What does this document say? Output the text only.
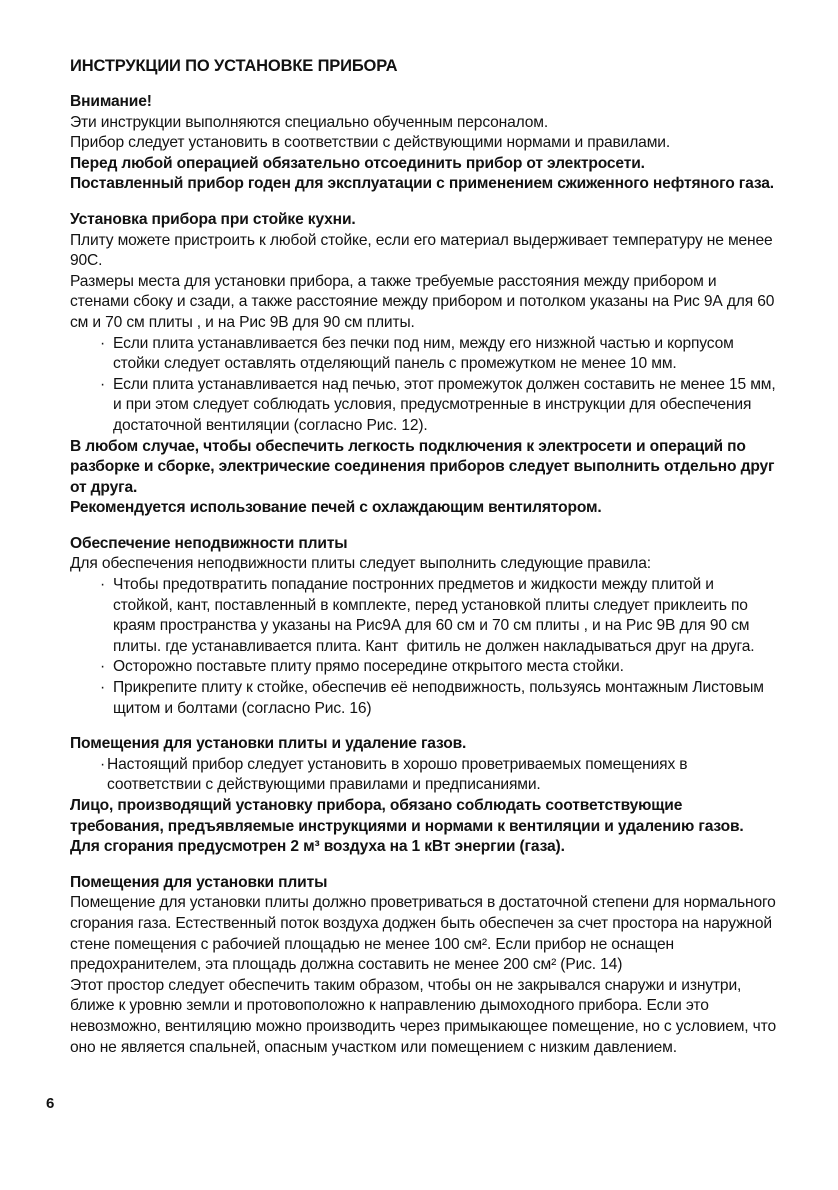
ИНСТРУКЦИИ ПО УСТАНОВКЕ ПРИБОРА
Внимание!

Эти инструкции выполняются специально обученным персоналом.

Прибор следует установить в соответствии с действующими нормами и правилами.

Перед любой операцией обязательно отсоединить прибор от электросети.

Поставленный прибор годен для эксплуатации с применением сжиженного нефтяного газа.

Установка прибора при стойке кухни.

Плиту можете пристроить к любой стойке, если его материал выдерживает температуру не менее 90С.

Размеры места для установки прибора, а также требуемые расстояния между прибором и стенами сбоку и сзади, а также расстояние между прибором и потолком указаны на Рис 9А для 60 см и 70 см плиты , и на Рис 9В для 90 см плиты.

· Если плита устанавливается без печки под ним, между его низжной частью и корпусом   стойки следует оставлять отделяющий панель с промежутком не менее 10 мм.
· Если плита устанавливается над печью, этот промежуток должен составить не менее 15 мм, и при этом следует соблюдать условия, предусмотренные в инструкции для обеспечения достаточной вентиляции (согласно Рис. 12).

В любом случае, чтобы обеспечить легкость подключения к электросети и операций по разборке и сборке, электрические соединения приборов следует выполнить отдельно друг от друга.

Рекомендуется использование печей с охлаждающим вентилятором.

Обеспечение неподвижности плиты

Для обеспечения неподвижности плиты следует выполнить следующие правила:

· Чтобы предотвратить попадание постронних предметов и жидкости между плитой и стойкой, кант, поставленный в комплекте, перед установкой плиты следует приклеить по краям пространства у указаны на Рис9А для 60 см и 70 см плиты , и на Рис 9В для 90 см плиты. где устанавливается плита. Кант  фитиль не должен накладываться друг на друга.
· Осторожно поставьте плиту прямо посередине открытого места стойки.
· Прикрепите плиту к стойке, обеспечив её неподвижность, пользуясь монтажным Листовым щитом и болтами (согласно Рис. 16)
Помещения для установки плиты и удаление газов.
· Настоящий прибор следует установить в хорошо проветриваемых помещениях в соответствии с действующими правилами и предписаниями.

Лицо, производящий установку прибора, обязано соблюдать соответствующие требования, предъявляемые инструкциями и нормами к вентиляции и удалению газов. Для сгорания предусмотрен 2 м³ воздуха на 1 кВт энергии (газа).

Помещения для установки плиты

Помещение для установки плиты должно проветриваться в достаточной степени для нормального сгорания газа. Естественный поток воздуха доджен быть обеспечен за счет простора на наружной стене помещения с рабочией площадью не менее 100 см². Если прибор не оснащен предохранителем, эта площадь должна составить не менее 200 см² (Рис. 14)

Этот простор следует обеспечить таким образом, чтобы он не закрывался снаружи и изнутри, ближе к уровню земли и протовоположно к направлению дымоходного прибора. Если это невозможно, вентиляцию можно производить через примыкающее помещение, но с условием, что оно не является спальней, опасным участком или помещением с низким давлением.

6
